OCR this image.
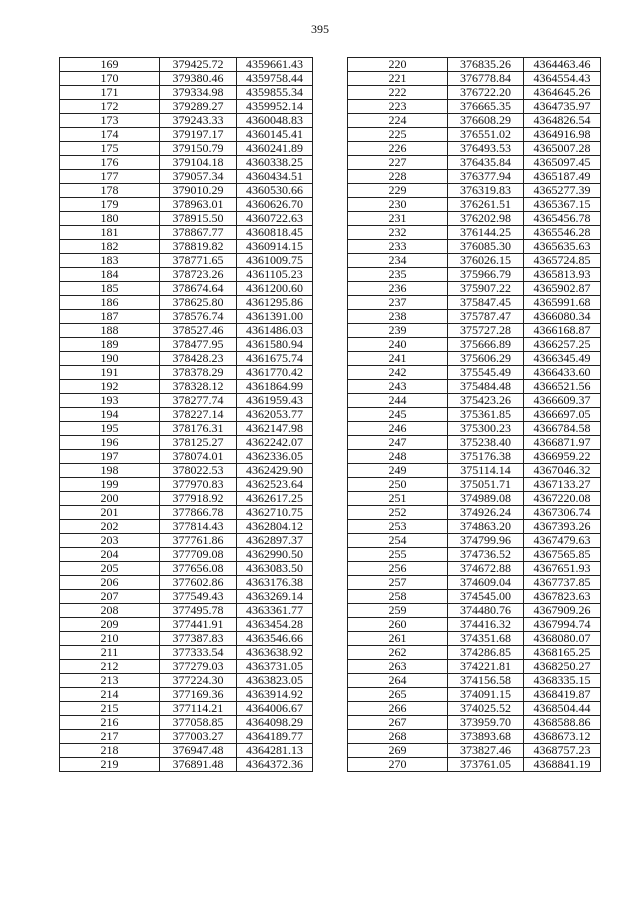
395
169	379425.72	4359661.43
170	379380.46	4359758.44
171	379334.98	4359855.34
172	379289.27	4359952.14
173	379243.33	4360048.83
174	379197.17	4360145.41
175	379150.79	4360241.89
176	379104.18	4360338.25
177	379057.34	4360434.51
178	379010.29	4360530.66
179	378963.01	4360626.70
180	378915.50	4360722.63
181	378867.77	4360818.45
182	378819.82	4360914.15
183	378771.65	4361009.75
184	378723.26	4361105.23
185	378674.64	4361200.60
186	378625.80	4361295.86
187	378576.74	4361391.00
188	378527.46	4361486.03
189	378477.95	4361580.94
190	378428.23	4361675.74
191	378378.29	4361770.42
192	378328.12	4361864.99
193	378277.74	4361959.43
194	378227.14	4362053.77
195	378176.31	4362147.98
196	378125.27	4362242.07
197	378074.01	4362336.05
198	378022.53	4362429.90
199	377970.83	4362523.64
200	377918.92	4362617.25
201	377866.78	4362710.75
202	377814.43	4362804.12
203	377761.86	4362897.37
204	377709.08	4362990.50
205	377656.08	4363083.50
206	377602.86	4363176.38
207	377549.43	4363269.14
208	377495.78	4363361.77
209	377441.91	4363454.28
210	377387.83	4363546.66
211	377333.54	4363638.92
212	377279.03	4363731.05
213	377224.30	4363823.05
214	377169.36	4363914.92
215	377114.21	4364006.67
216	377058.85	4364098.29
217	377003.27	4364189.77
218	376947.48	4364281.13
219	376891.48	4364372.36
220	376835.26	4364463.46
221	376778.84	4364554.43
222	376722.20	4364645.26
223	376665.35	4364735.97
224	376608.29	4364826.54
225	376551.02	4364916.98
226	376493.53	4365007.28
227	376435.84	4365097.45
228	376377.94	4365187.49
229	376319.83	4365277.39
230	376261.51	4365367.15
231	376202.98	4365456.78
232	376144.25	4365546.28
233	376085.30	4365635.63
234	376026.15	4365724.85
235	375966.79	4365813.93
236	375907.22	4365902.87
237	375847.45	4365991.68
238	375787.47	4366080.34
239	375727.28	4366168.87
240	375666.89	4366257.25
241	375606.29	4366345.49
242	375545.49	4366433.60
243	375484.48	4366521.56
244	375423.26	4366609.37
245	375361.85	4366697.05
246	375300.23	4366784.58
247	375238.40	4366871.97
248	375176.38	4366959.22
249	375114.14	4367046.32
250	375051.71	4367133.27
251	374989.08	4367220.08
252	374926.24	4367306.74
253	374863.20	4367393.26
254	374799.96	4367479.63
255	374736.52	4367565.85
256	374672.88	4367651.93
257	374609.04	4367737.85
258	374545.00	4367823.63
259	374480.76	4367909.26
260	374416.32	4367994.74
261	374351.68	4368080.07
262	374286.85	4368165.25
263	374221.81	4368250.27
264	374156.58	4368335.15
265	374091.15	4368419.87
266	374025.52	4368504.44
267	373959.70	4368588.86
268	373893.68	4368673.12
269	373827.46	4368757.23
270	373761.05	4368841.19
